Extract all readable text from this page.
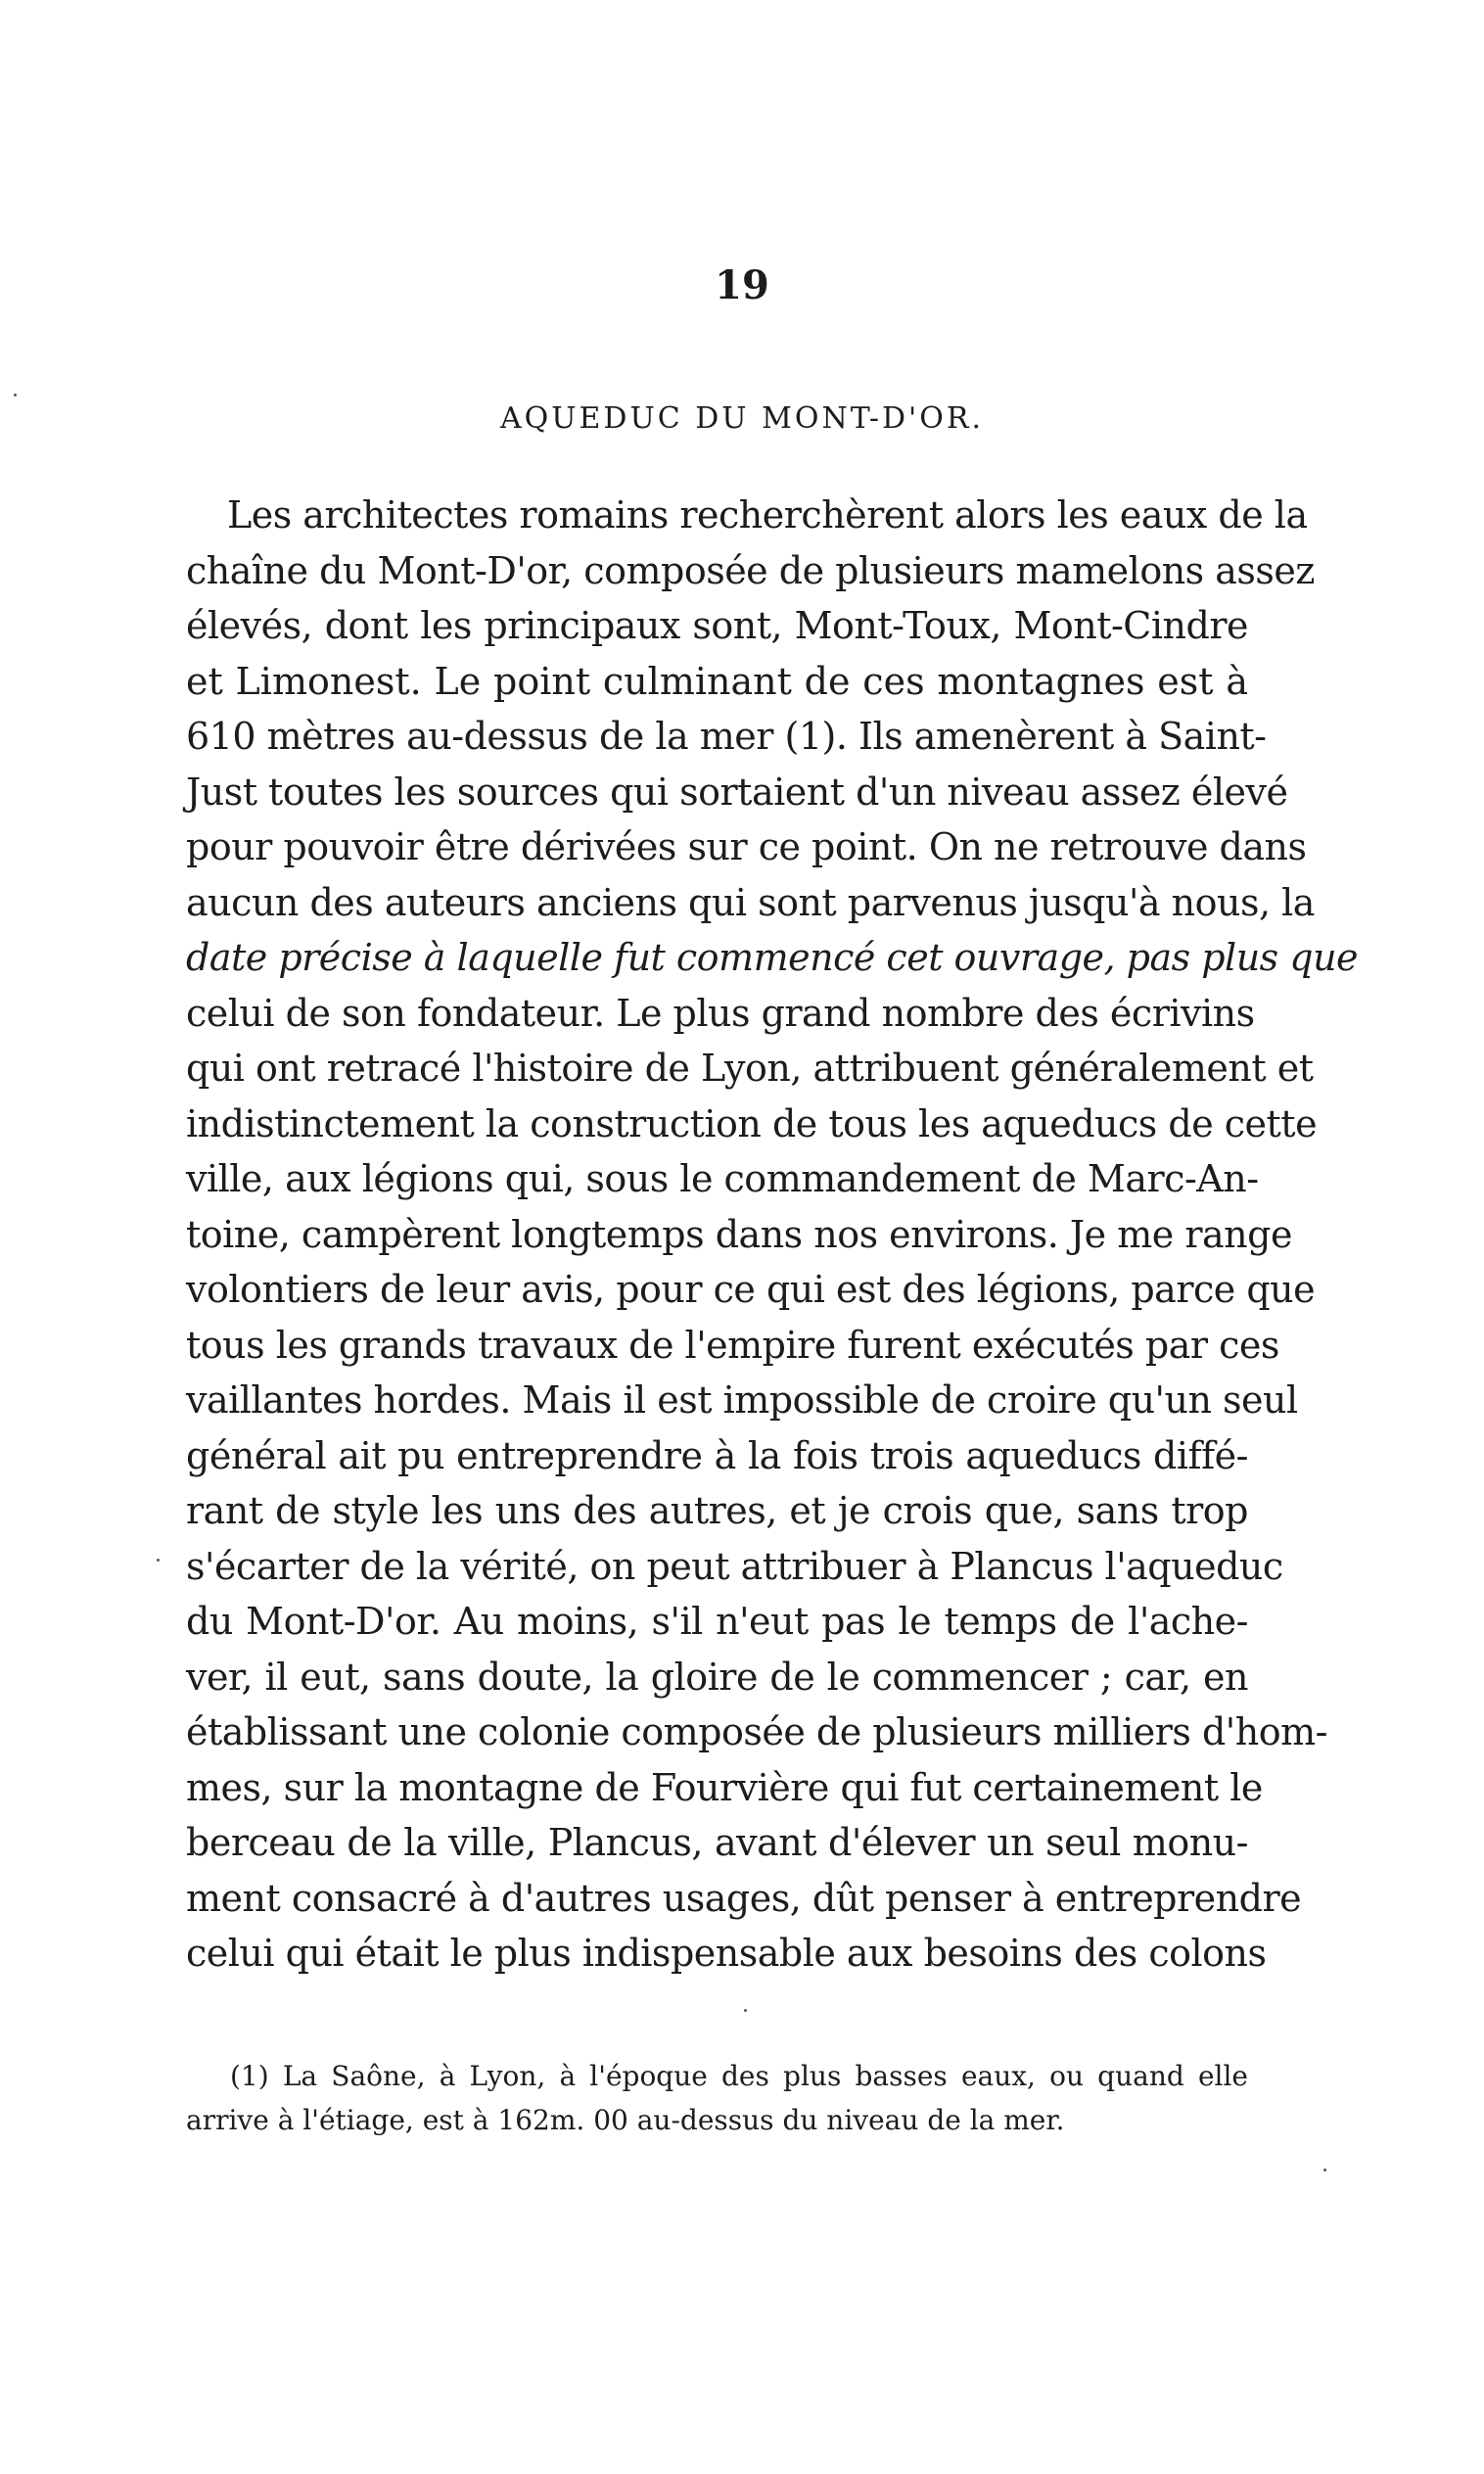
19
AQUEDUC DU MONT-D'OR.
Les architectes romains recherchèrent alors les eaux de la
chaîne du Mont-D'or, composée de plusieurs mamelons assez
élevés, dont les principaux sont, Mont-Toux, Mont-Cindre
et Limonest. Le point culminant de ces montagnes est à
610 mètres au-dessus de la mer (1). Ils amenèrent à Saint-
Just toutes les sources qui sortaient d'un niveau assez élevé
pour pouvoir être dérivées sur ce point. On ne retrouve dans
aucun des auteurs anciens qui sont parvenus jusqu'à nous, la
date précise à laquelle fut commencé cet ouvrage, pas plus que
celui de son fondateur. Le plus grand nombre des écrivins
qui ont retracé l'histoire de Lyon, attribuent généralement et
indistinctement la construction de tous les aqueducs de cette
ville, aux légions qui, sous le commandement de Marc-An-
toine, campèrent longtemps dans nos environs. Je me range
volontiers de leur avis, pour ce qui est des légions, parce que
tous les grands travaux de l'empire furent exécutés par ces
vaillantes hordes. Mais il est impossible de croire qu'un seul
général ait pu entreprendre à la fois trois aqueducs diffé-
rant de style les uns des autres, et je crois que, sans trop
s'écarter de la vérité, on peut attribuer à Plancus l'aqueduc
du Mont-D'or. Au moins, s'il n'eut pas le temps de l'ache-
ver, il eut, sans doute, la gloire de le commencer ; car, en
établissant une colonie composée de plusieurs milliers d'hom-
mes, sur la montagne de Fourvière qui fut certainement le
berceau de la ville, Plancus, avant d'élever un seul monu-
ment consacré à d'autres usages, dût penser à entreprendre
celui qui était le plus indispensable aux besoins des colons
(1) La Saône, à Lyon, à l'époque des plus basses eaux, ou quand elle
arrive à l'étiage, est à 162m. 00 au-dessus du niveau de la mer.
